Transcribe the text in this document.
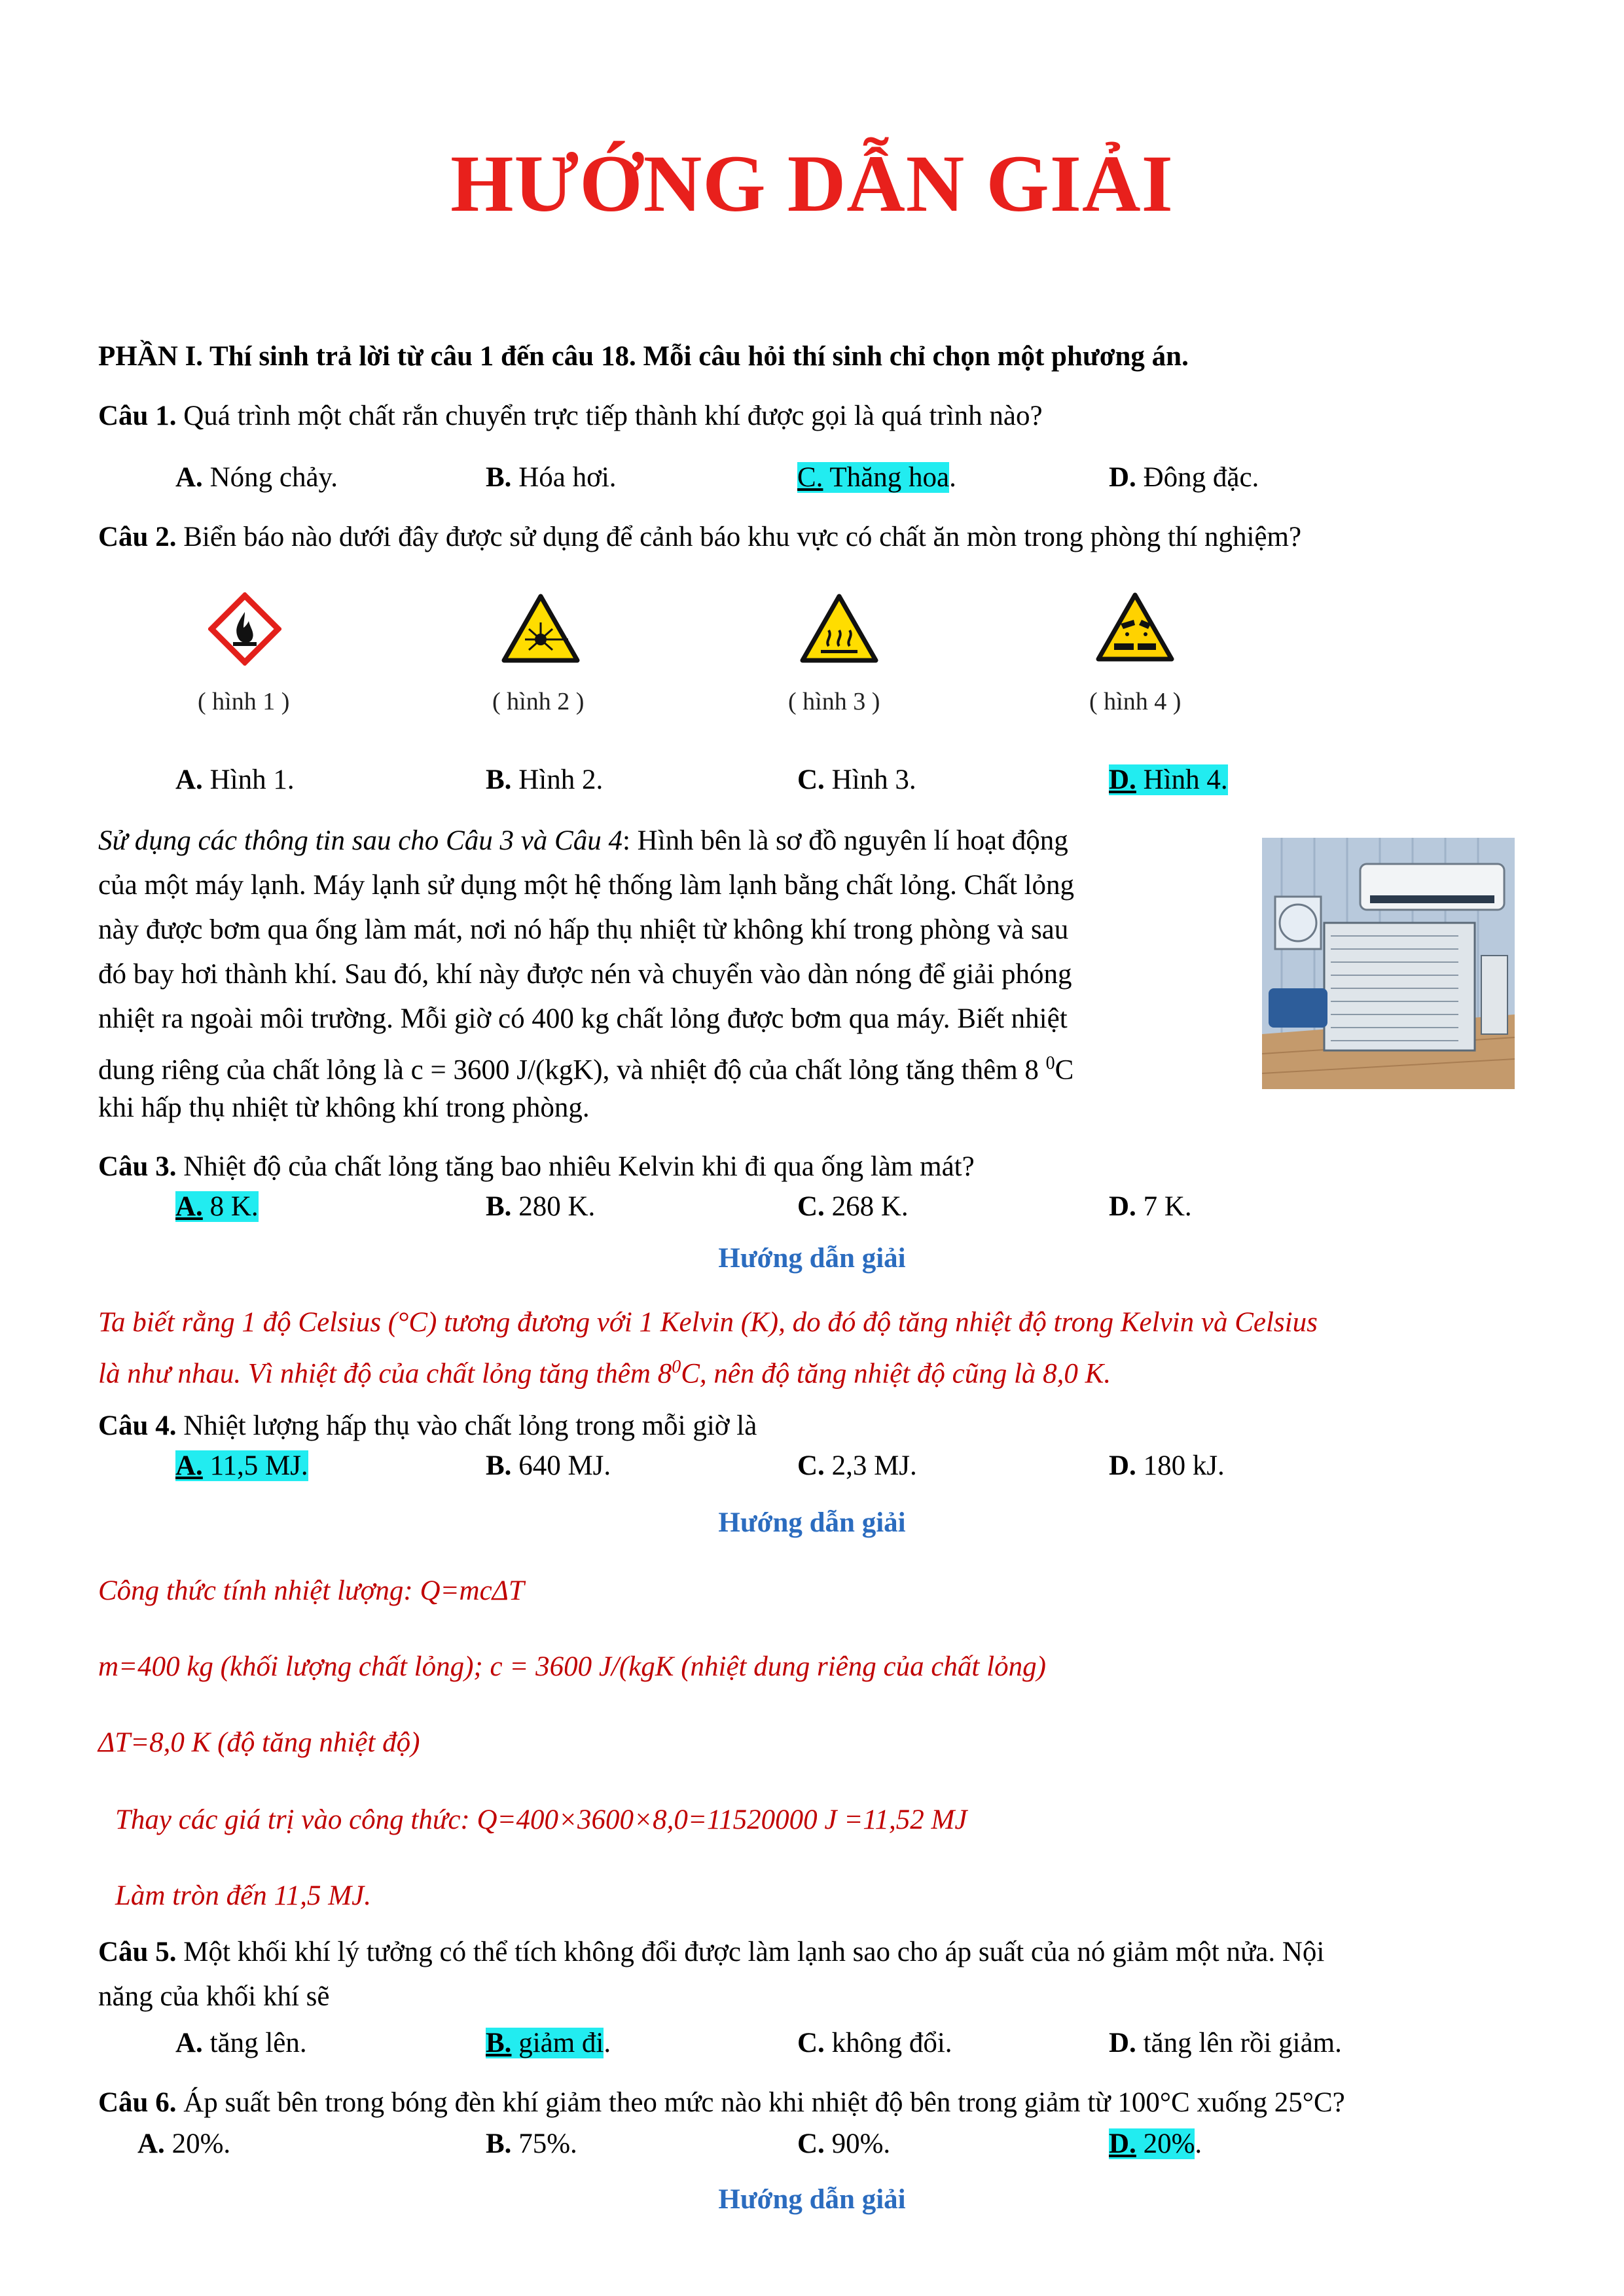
HƯỚNG DẪN GIẢI
PHẦN I. Thí sinh trả lời từ câu 1 đến câu 18. Mỗi câu hỏi thí sinh chỉ chọn một phương án.
Câu 1. Quá trình một chất rắn chuyển trực tiếp thành khí được gọi là quá trình nào?
A. Nóng chảy.	B. Hóa hơi.	C. Thăng hoa.	D. Đông đặc.
Câu 2. Biển báo nào dưới đây được sử dụng để cảnh báo khu vực có chất ăn mòn trong phòng thí nghiệm?
( hình 1 )	( hình 2 )	( hình 3 )	( hình 4 )
A. Hình 1.	B. Hình 2.	C. Hình 3.	D. Hình 4.
Sử dụng các thông tin sau cho Câu 3 và Câu 4: Hình bên là sơ đồ nguyên lí hoạt động
của một máy lạnh. Máy lạnh sử dụng một hệ thống làm lạnh bằng chất lỏng. Chất lỏng
này được bơm qua ống làm mát, nơi nó hấp thụ nhiệt từ không khí trong phòng và sau
đó bay hơi thành khí. Sau đó, khí này được nén và chuyển vào dàn nóng để giải phóng
nhiệt ra ngoài môi trường. Mỗi giờ có 400 kg chất lỏng được bơm qua máy. Biết nhiệt
dung riêng của chất lỏng là c = 3600 J/(kgK), và nhiệt độ của chất lỏng tăng thêm 8 $^0$C
khi hấp thụ nhiệt từ không khí trong phòng.
Câu 3. Nhiệt độ của chất lỏng tăng bao nhiêu Kelvin khi đi qua ống làm mát?
A. 8 K.	B. 280 K.	C. 268 K.	D. 7 K.
Hướng dẫn giải
Ta biết rằng 1 độ Celsius (°C) tương đương với 1 Kelvin (K), do đó độ tăng nhiệt độ trong Kelvin và Celsius
là như nhau. Vì nhiệt độ của chất lỏng tăng thêm $8^0C$, nên độ tăng nhiệt độ cũng là 8,0 K.
Câu 4. Nhiệt lượng hấp thụ vào chất lỏng trong mỗi giờ là
A. 11,5 MJ.	B. 640 MJ.	C. 2,3 MJ.	D. 180 kJ.
Hướng dẫn giải
Công thức tính nhiệt lượng: Q=mcΔT
m=400 kg (khối lượng chất lỏng); c = 3600 J/(kgK (nhiệt dung riêng của chất lỏng)
ΔT=8,0 K (độ tăng nhiệt độ)
Thay các giá trị vào công thức: Q=400×3600×8,0=11520000 J =11,52 MJ
Làm tròn đến 11,5 MJ.
Câu 5. Một khối khí lý tưởng có thể tích không đổi được làm lạnh sao cho áp suất của nó giảm một nửa. Nội
năng của khối khí sẽ
A. tăng lên.	B. giảm đi.	C. không đổi.	D. tăng lên rồi giảm.
Câu 6. Áp suất bên trong bóng đèn khí giảm theo mức nào khi nhiệt độ bên trong giảm từ 100°C xuống 25°C?
A. 20%.	B. 75%.	C. 90%.	D. 20%.
Hướng dẫn giải
